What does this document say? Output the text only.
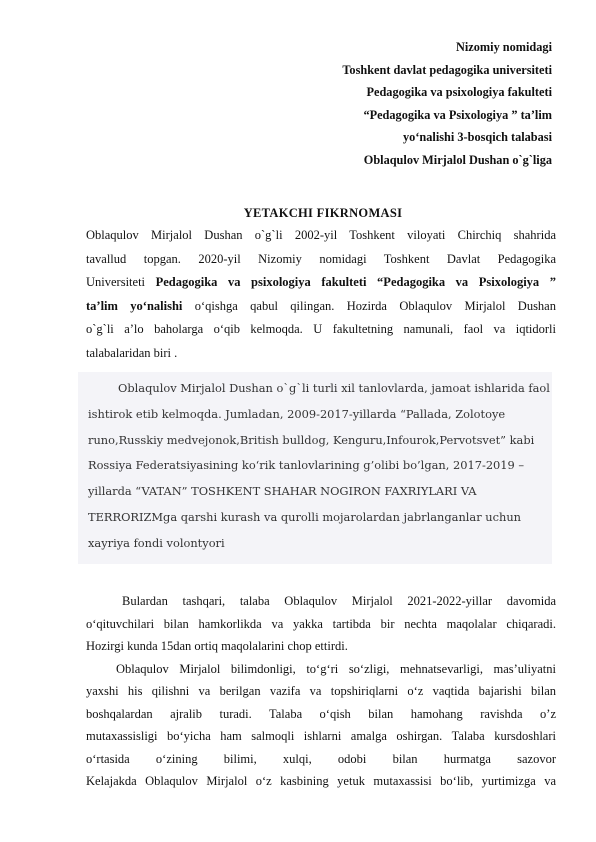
Nizomiy nomidagi
Toshkent davlat pedagogika universiteti
Pedagogika va psixologiya fakulteti
“Pedagogika va Psixologiya ” ta’lim
yo‘nalishi 3-bosqich talabasi
Oblaqulov Mirjalol Dushan o`g`liga
YETAKCHI FIKRNOMASI
Oblaqulov Mirjalol Dushan o`g`li 2002-yil Toshkent viloyati Chirchiq shahrida
tavallud topgan. 2020-yil Nizomiy nomidagi Toshkent Davlat Pedagogika
Universiteti Pedagogika va psixologiya fakulteti “Pedagogika va Psixologiya ”
ta’lim yo‘nalishi o‘qishga qabul qilingan. Hozirda Oblaqulov Mirjalol Dushan
o`g`li a’lo baholarga o‘qib kelmoqda. U fakultetning namunali, faol va iqtidorli
talabalaridan biri .
Oblaqulov Mirjalol Dushan o`g`li turli xil tanlovlarda, jamoat ishlarida faol
ishtirok etib kelmoqda. Jumladan, 2009-2017-yillarda “Pallada, Zolotoye
runo,Russkiy medvejonok,British bulldog, Kenguru,Infourok,Pervotsvet” kabi
Rossiya Federatsiyasining ko‘rik tanlovlarining g’olibi bo’lgan, 2017-2019 –
yillarda “VATAN” TOSHKENT SHAHAR NOGIRON FAXRIYLARI VA
TERRORIZMga qarshi kurash va qurolli mojarolardan jabrlanganlar uchun
xayriya fondi volontyori
Bulardan tashqari, talaba Oblaqulov Mirjalol 2021-2022-yillar davomida
o‘qituvchilari bilan hamkorlikda va yakka tartibda bir nechta maqolalar chiqaradi.
Hozirgi kunda 15dan ortiq maqolalarini chop ettirdi.
Oblaqulov Mirjalol bilimdonligi, to‘g‘ri so‘zligi, mehnatsevarligi, mas’uliyatni
yaxshi his qilishni va berilgan vazifa va topshiriqlarni o‘z vaqtida bajarishi bilan
boshqalardan ajralib turadi. Talaba o‘qish bilan hamohang ravishda o’z
mutaxassisligi bo‘yicha ham salmoqli ishlarni amalga oshirgan. Talaba kursdoshlari
o‘rtasida o‘zining bilimi, xulqi, odobi bilan hurmatga sazovor
Kelajakda Oblaqulov Mirjalol o‘z kasbining yetuk mutaxassisi bo‘lib, yurtimizga va
